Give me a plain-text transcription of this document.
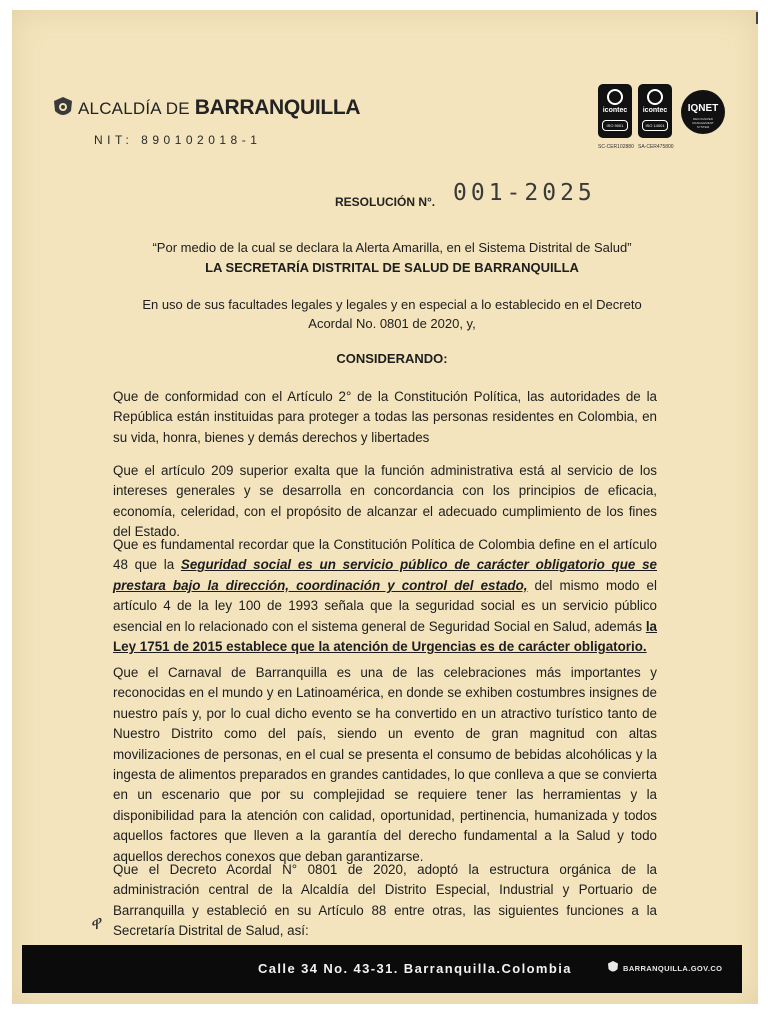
ALCALDÍA DE BARRANQUILLA
NIT: 890102018-1
icontec
ISO 9001
SC-CER102880
icontec
ISO 14001
SA-CER475800
IQNET
RECOGNIZED MANAGEMENT SYSTEM
RESOLUCIÓN N°. 001-2025
“Por medio de la cual se declara la Alerta Amarilla, en el Sistema Distrital de Salud”
LA SECRETARÍA DISTRITAL DE SALUD DE BARRANQUILLA
En uso de sus facultades legales y legales y en especial a lo establecido en el Decreto
Acordal No. 0801 de 2020, y,
CONSIDERANDO:
Que de conformidad con el Artículo 2° de la Constitución Política, las autoridades de la República están instituidas para proteger a todas las personas residentes en Colombia, en su vida, honra, bienes y demás derechos y libertades
Que el artículo 209 superior exalta que la función administrativa está al servicio de los intereses generales y se desarrolla en concordancia con los principios de eficacia, economía, celeridad, con el propósito de alcanzar el adecuado cumplimiento de los fines del Estado.
Que es fundamental recordar que la Constitución Política de Colombia define en el artículo 48 que la Seguridad social es un servicio público de carácter obligatorio que se prestara bajo la dirección, coordinación y control del estado, del mismo modo el artículo 4 de la ley 100 de 1993 señala que la seguridad social es un servicio público esencial en lo relacionado con el sistema general de Seguridad Social en Salud, además la Ley 1751 de 2015 establece que la atención de Urgencias es de carácter obligatorio.
Que el Carnaval de Barranquilla es una de las celebraciones más importantes y reconocidas en el mundo y en Latinoamérica, en donde se exhiben costumbres insignes de nuestro país y, por lo cual dicho evento se ha convertido en un atractivo turístico tanto de Nuestro Distrito como del país, siendo un evento de gran magnitud con altas movilizaciones de personas, en el cual se presenta el consumo de bebidas alcohólicas y la ingesta de alimentos preparados en grandes cantidades, lo que conlleva a que se convierta en un escenario que por su complejidad se requiere tener las herramientas y la disponibilidad para la atención con calidad, oportunidad, pertinencia, humanizada y todos aquellos factores que lleven a la garantía del derecho fundamental a la Salud y todo aquellos derechos conexos que deban garantizarse.
Que el Decreto Acordal N° 0801 de 2020, adoptó la estructura orgánica de la administración central de la Alcaldía del Distrito Especial, Industrial y Portuario de Barranquilla y estableció en su Artículo 88 entre otras, las siguientes funciones a la Secretaría Distrital de Salud, así:
ዋ
Calle 34 No. 43-31. Barranquilla.Colombia	BARRANQUILLA.GOV.CO
